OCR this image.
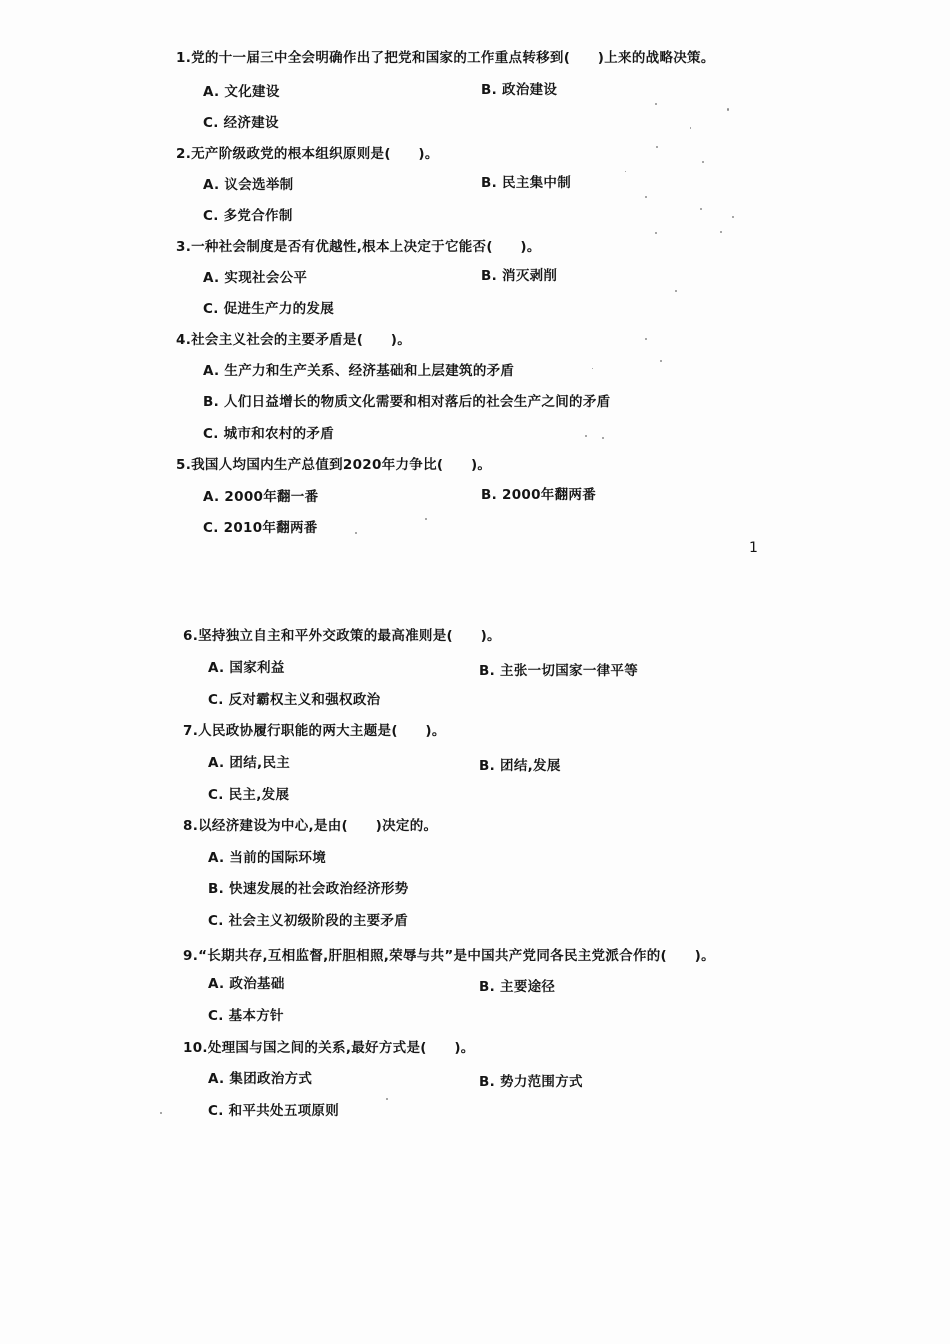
1.党的十一届三中全会明确作出了把党和国家的工作重点转移到(　　)上来的战略决策。
A. 文化建设	B. 政治建设
C. 经济建设
2.无产阶级政党的根本组织原则是(　　)。
A. 议会选举制	B. 民主集中制
C. 多党合作制
3.一种社会制度是否有优越性,根本上决定于它能否(　　)。
A. 实现社会公平	B. 消灭剥削
C. 促进生产力的发展
4.社会主义社会的主要矛盾是(　　)。
A. 生产力和生产关系、经济基础和上层建筑的矛盾
B. 人们日益增长的物质文化需要和相对落后的社会生产之间的矛盾
C. 城市和农村的矛盾
5.我国人均国内生产总值到2020年力争比(　　)。
A. 2000年翻一番	B. 2000年翻两番
C. 2010年翻两番
1
6.坚持独立自主和平外交政策的最高准则是(　　)。
A. 国家利益	B. 主张一切国家一律平等
C. 反对霸权主义和强权政治
7.人民政协履行职能的两大主题是(　　)。
A. 团结,民主	B. 团结,发展
C. 民主,发展
8.以经济建设为中心,是由(　　)决定的。
A. 当前的国际环境
B. 快速发展的社会政治经济形势
C. 社会主义初级阶段的主要矛盾
9.“长期共存,互相监督,肝胆相照,荣辱与共”是中国共产党同各民主党派合作的(　　)。
A. 政治基础	B. 主要途径
C. 基本方针
10.处理国与国之间的关系,最好方式是(　　)。
A. 集团政治方式	B. 势力范围方式
C. 和平共处五项原则
